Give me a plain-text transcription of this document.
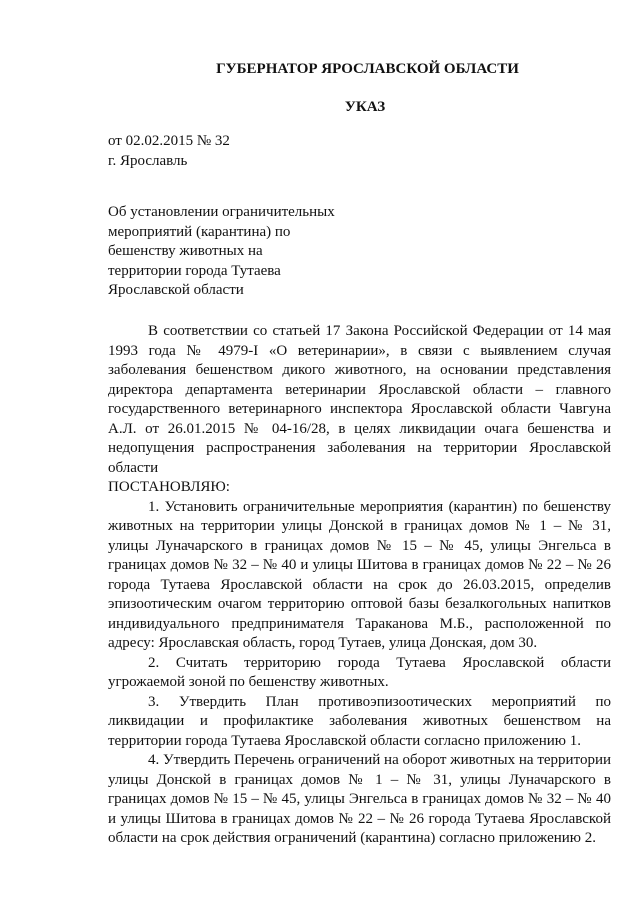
ГУБЕРНАТОР ЯРОСЛАВСКОЙ ОБЛАСТИ
УКАЗ
от 02.02.2015 № 32
г. Ярославль
Об установлении ограничительных
мероприятий (карантина) по
бешенству животных на
территории города Тутаева
Ярославской области

В соответствии со статьей 17 Закона Российской Федерации от 14 мая 1993 года № 4979-I «О ветеринарии», в связи с выявлением случая заболевания бешенством дикого животного, на основании представления директора департамента ветеринарии Ярославской области – главного государственного ветеринарного инспектора Ярославской области Чавгуна А.Л. от 26.01.2015 № 04-16/28, в целях ликвидации очага бешенства и недопущения распространения заболевания на территории Ярославской области

ПОСТАНОВЛЯЮ:

1. Установить ограничительные мероприятия (карантин) по бешенству животных на территории улицы Донской в границах домов № 1 – № 31, улицы Луначарского в границах домов № 15 – № 45, улицы Энгельса в границах домов № 32 – № 40 и улицы Шитова в границах домов № 22 – № 26 города Тутаева Ярославской области на срок до 26.03.2015, определив эпизоотическим очагом территорию оптовой базы безалкогольных напитков индивидуального предпринимателя Тараканова М.Б., расположенной по адресу: Ярославская область, город Тутаев, улица Донская, дом 30.

2. Считать территорию города Тутаева Ярославской области угрожаемой зоной по бешенству животных.

3. Утвердить План противоэпизоотических мероприятий по ликвидации и профилактике заболевания живoтных бешенством на территории города Тутаева Ярославской области согласно приложению 1.

4. Утвердить Перечень ограничений на оборот животных на территории улицы Донской в границах домов № 1 – № 31, улицы Луначарского в границах домов № 15 – № 45, улицы Энгельса в границах домов № 32 – № 40 и улицы Шитова в границах домов № 22 – № 26 города Тутаева Ярославской области на срок действия ограничений (карантина) согласно приложению 2.
